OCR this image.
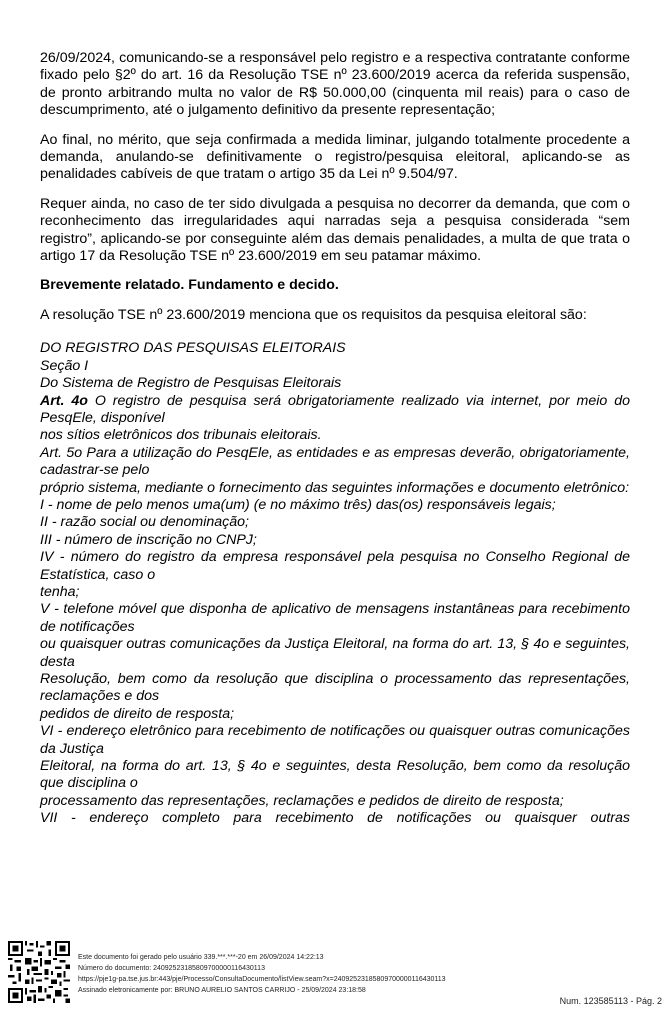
26/09/2024, comunicando-se a responsável pelo registro e a respectiva contratante conforme fixado pelo §2º do art. 16 da Resolução TSE nº 23.600/2019 acerca da referida suspensão, de pronto arbitrando multa no valor de R$ 50.000,00 (cinquenta mil reais) para o caso de descumprimento, até o julgamento definitivo da presente representação;

Ao final, no mérito, que seja confirmada a medida liminar, julgando totalmente procedente a demanda, anulando-se definitivamente o registro/pesquisa eleitoral, aplicando-se as penalidades cabíveis de que tratam o artigo 35 da Lei nº 9.504/97.

Requer ainda, no caso de ter sido divulgada a pesquisa no decorrer da demanda, que com o reconhecimento das irregularidades aqui narradas seja a pesquisa considerada “sem registro”, aplicando-se por conseguinte além das demais penalidades, a multa de que trata o artigo 17 da Resolução TSE nº 23.600/2019 em seu patamar máximo.

Brevemente relatado. Fundamento e decido.

A resolução TSE nº 23.600/2019 menciona que os requisitos da pesquisa eleitoral são:

DO REGISTRO DAS PESQUISAS ELEITORAIS

Seção I

Do Sistema de Registro de Pesquisas Eleitorais

Art. 4o O registro de pesquisa será obrigatoriamente realizado via internet, por meio do PesqEle, disponível

nos sítios eletrônicos dos tribunais eleitorais.

Art. 5o Para a utilização do PesqEle, as entidades e as empresas deverão, obrigatoriamente, cadastrar-se pelo

próprio sistema, mediante o fornecimento das seguintes informações e documento eletrônico:

I - nome de pelo menos uma(um) (e no máximo três) das(os) responsáveis legais;

II - razão social ou denominação;

III - número de inscrição no CNPJ;

IV - número do registro da empresa responsável pela pesquisa no Conselho Regional de Estatística, caso o

tenha;

V - telefone móvel que disponha de aplicativo de mensagens instantâneas para recebimento de notificações

ou quaisquer outras comunicações da Justiça Eleitoral, na forma do art. 13, § 4o e seguintes, desta

Resolução, bem como da resolução que disciplina o processamento das representações, reclamações e dos

pedidos de direito de resposta;

VI - endereço eletrônico para recebimento de notificações ou quaisquer outras comunicações da Justiça

Eleitoral, na forma do art. 13, § 4o e seguintes, desta Resolução, bem como da resolução que disciplina o

processamento das representações, reclamações e pedidos de direito de resposta;

VII - endereço completo para recebimento de notificações ou quaisquer outras

Este documento foi gerado pelo usuário 339.***.***-20 em 26/09/2024 14:22:13
Número do documento: 24092523185809700000116430113
https://pje1g-pa.tse.jus.br:443/pje/Processo/ConsultaDocumento/listView.seam?x=24092523185809700000116430113
Assinado eletronicamente por: BRUNO AURELIO SANTOS CARRIJO - 25/09/2024 23:18:58
Num. 123585113 - Pág. 2
